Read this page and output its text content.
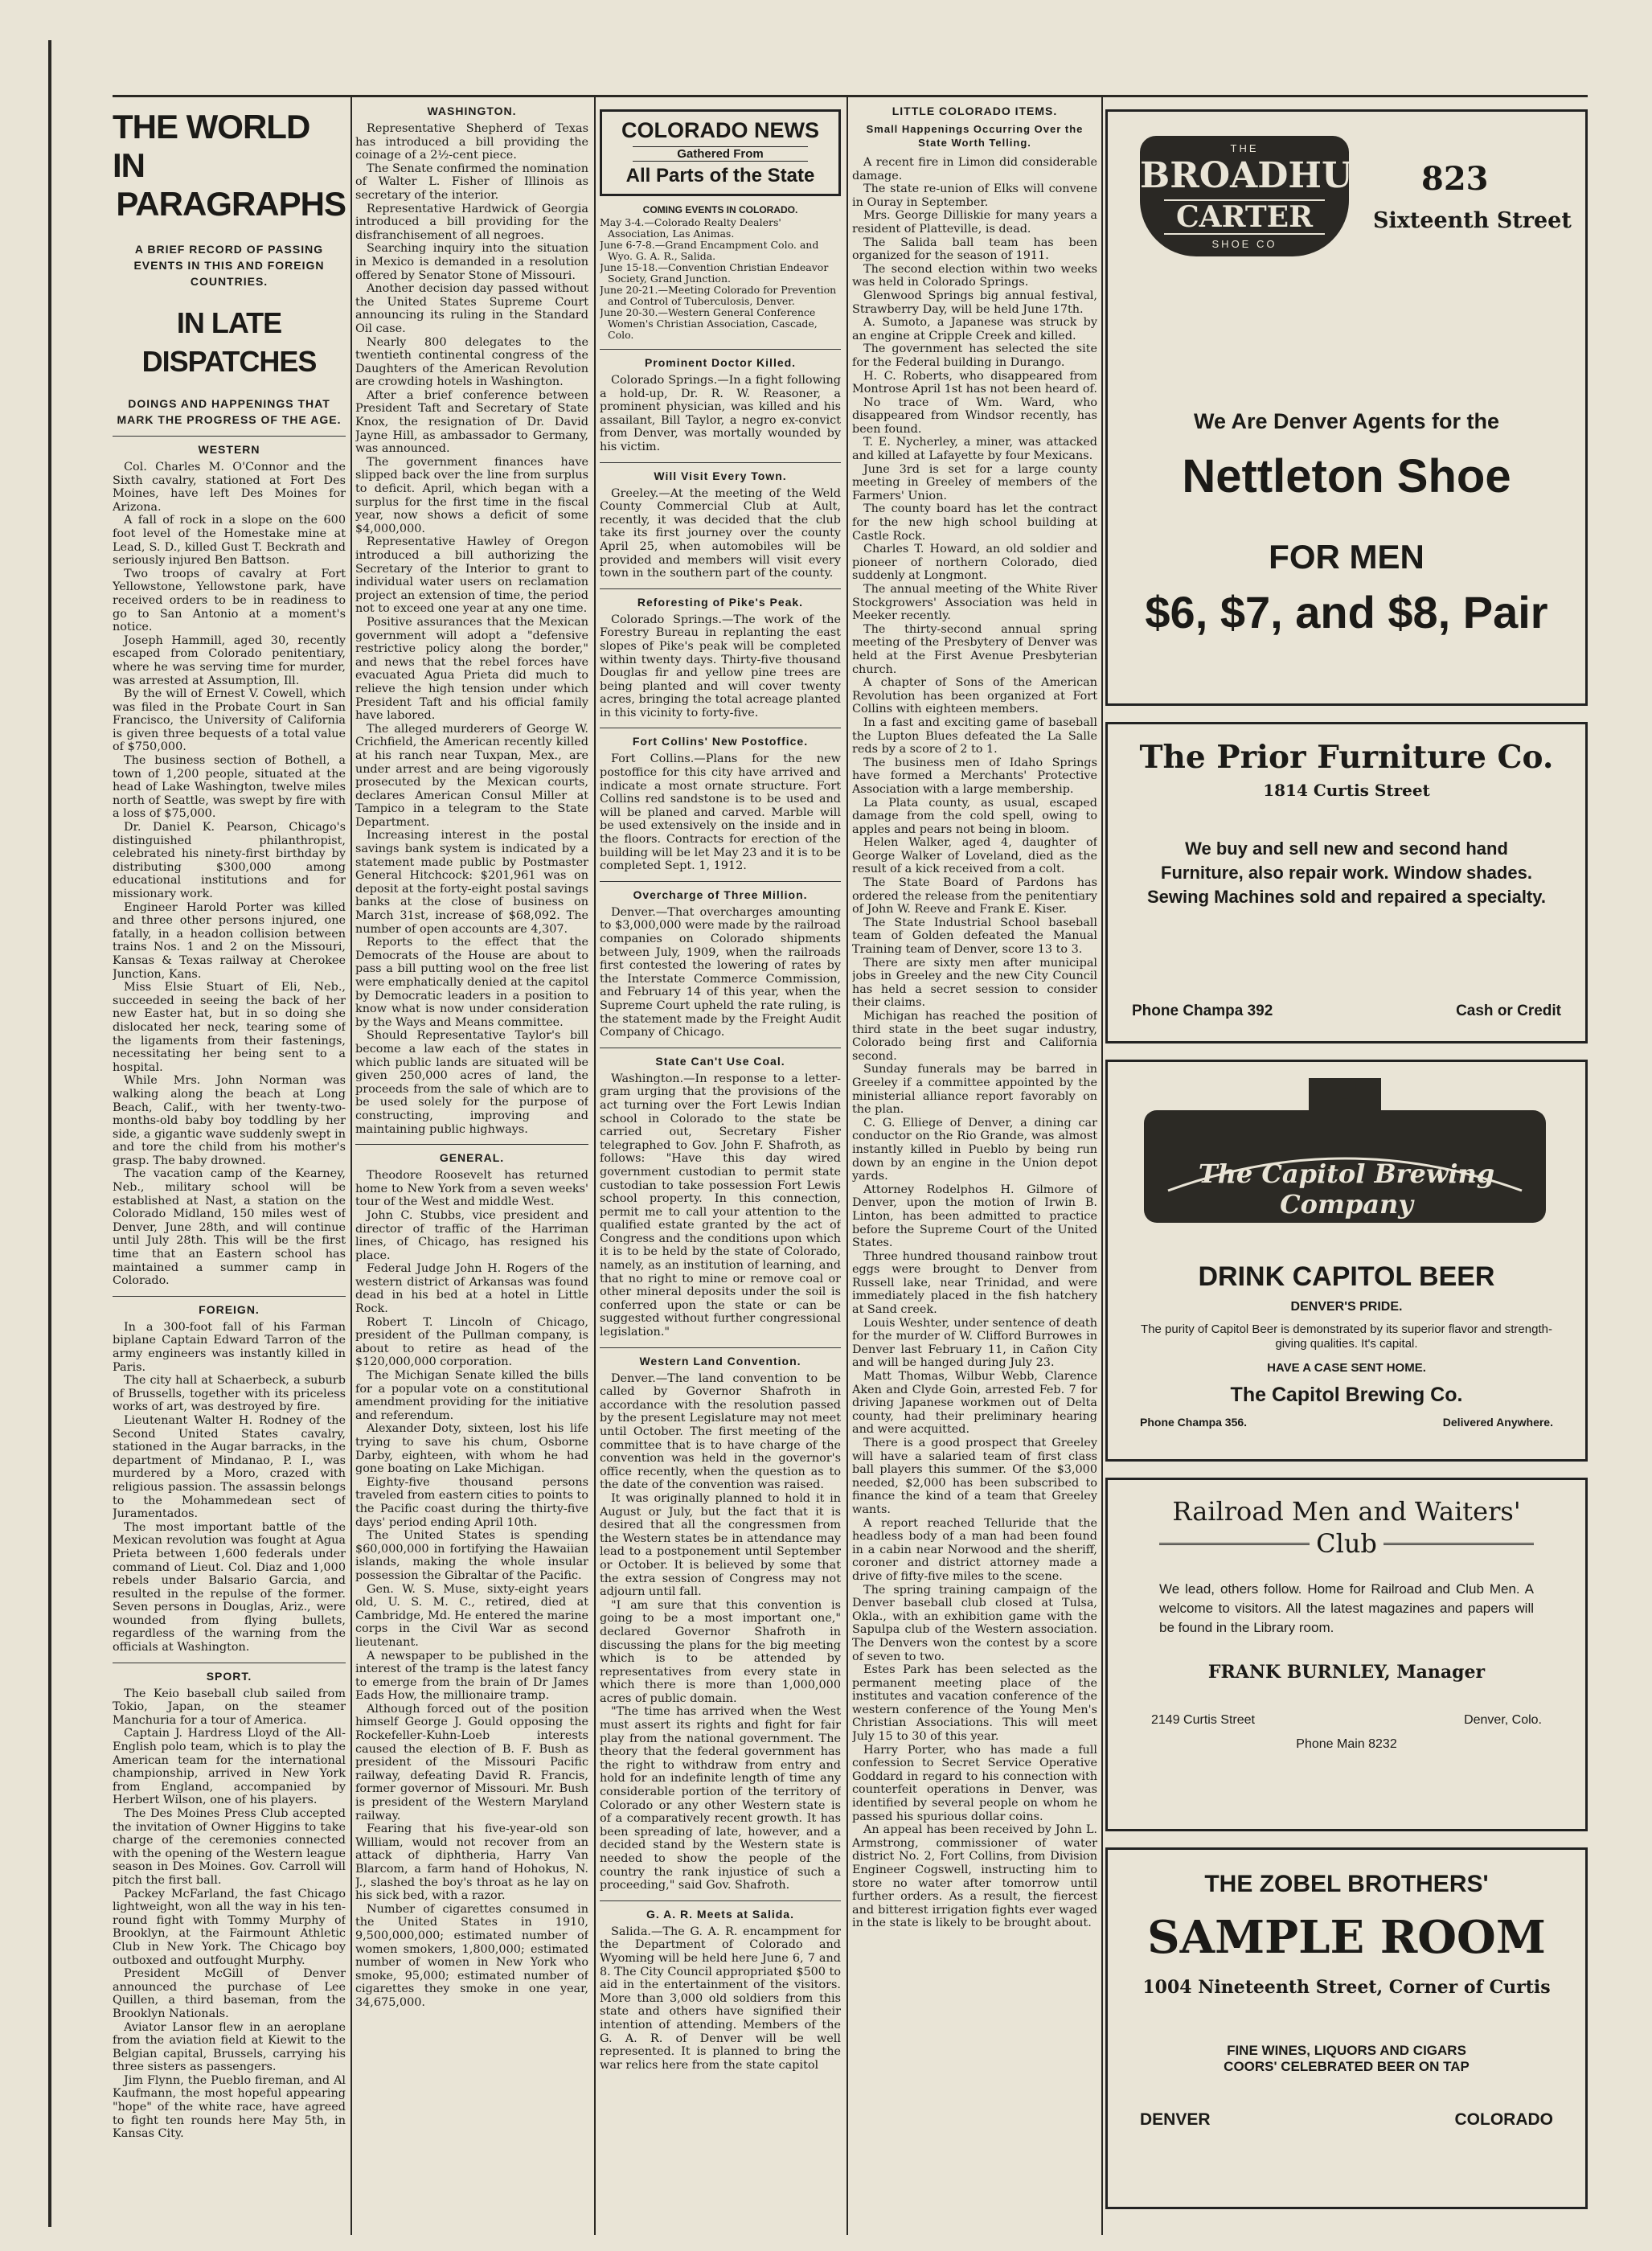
THE WORLD IN
PARAGRAPHS
A BRIEF RECORD OF PASSING EVENTS IN THIS AND FOREIGN COUNTRIES.
IN LATE DISPATCHES
DOINGS AND HAPPENINGS THAT MARK THE PROGRESS OF THE AGE.
WESTERN

Col. Charles M. O'Connor and the Sixth cavalry, stationed at Fort Des Moines, have left Des Moines for Arizona.

A fall of rock in a slope on the 600 foot level of the Homestake mine at Lead, S. D., killed Gust T. Beckrath and seriously injured Ben Battson.

Two troops of cavalry at Fort Yellowstone, Yellowstone park, have received orders to be in readiness to go to San Antonio at a moment's notice.

Joseph Hammill, aged 30, recently escaped from Colorado penitentiary, where he was serving time for murder, was arrested at Assumption, Ill.

By the will of Ernest V. Cowell, which was filed in the Probate Court in San Francisco, the University of California is given three bequests of a total value of $750,000.

The business section of Bothell, a town of 1,200 people, situated at the head of Lake Washington, twelve miles north of Seattle, was swept by fire with a loss of $75,000.

Dr. Daniel K. Pearson, Chicago's distinguished philanthropist, celebrated his ninety-first birthday by distributing $300,000 among educational institutions and for missionary work.

Engineer Harold Porter was killed and three other persons injured, one fatally, in a headon collision between trains Nos. 1 and 2 on the Missouri, Kansas & Texas railway at Cherokee Junction, Kans.

Miss Elsie Stuart of Eli, Neb., succeeded in seeing the back of her new Easter hat, but in so doing she dislocated her neck, tearing some of the ligaments from their fastenings, necessitating her being sent to a hospital.

While Mrs. John Norman was walking along the beach at Long Beach, Calif., with her twenty-two-months-old baby boy toddling by her side, a gigantic wave suddenly swept in and tore the child from his mother's grasp. The baby drowned.

The vacation camp of the Kearney, Neb., military school will be established at Nast, a station on the Colorado Midland, 150 miles west of Denver, June 28th, and will continue until July 28th. This will be the first time that an Eastern school has maintained a summer camp in Colorado.

FOREIGN.

In a 300-foot fall of his Farman biplane Captain Edward Tarron of the army engineers was instantly killed in Paris.

The city hall at Schaerbeck, a suburb of Brussells, together with its priceless works of art, was destroyed by fire.

Lieutenant Walter H. Rodney of the Second United States cavalry, stationed in the Augar barracks, in the department of Mindanao, P. I., was murdered by a Moro, crazed with religious passion. The assassin belongs to the Mohammedean sect of Juramentados.

The most important battle of the Mexican revolution was fought at Agua Prieta between 1,600 federals under command of Lieut. Col. Diaz and 1,000 rebels under Balsario Garcia, and resulted in the repulse of the former. Seven persons in Douglas, Ariz., were wounded from flying bullets, regardless of the warning from the officials at Washington.

SPORT.

The Keio baseball club sailed from Tokio, Japan, on the steamer Manchuria for a tour of America.

Captain J. Hardress Lloyd of the All-English polo team, which is to play the American team for the international championship, arrived in New York from England, accompanied by Herbert Wilson, one of his players.

The Des Moines Press Club accepted the invitation of Owner Higgins to take charge of the ceremonies connected with the opening of the Western league season in Des Moines. Gov. Carroll will pitch the first ball.

Packey McFarland, the fast Chicago lightweight, won all the way in his ten-round fight with Tommy Murphy of Brooklyn, at the Fairmount Athletic Club in New York. The Chicago boy outboxed and outfought Murphy.

President McGill of Denver announced the purchase of Lee Quillen, a third baseman, from the Brooklyn Nationals.

Aviator Lansor flew in an aeroplane from the aviation field at Kiewit to the Belgian capital, Brussels, carrying his three sisters as passengers.

Jim Flynn, the Pueblo fireman, and Al Kaufmann, the most hopeful appearing "hope" of the white race, have agreed to fight ten rounds here May 5th, in Kansas City.

WASHINGTON.

Representative Shepherd of Texas has introduced a bill providing the coinage of a 2½-cent piece.

The Senate confirmed the nomination of Walter L. Fisher of Illinois as secretary of the interior.

Representative Hardwick of Georgia introduced a bill providing for the disfranchisement of all negroes.

Searching inquiry into the situation in Mexico is demanded in a resolution offered by Senator Stone of Missouri.

Another decision day passed without the United States Supreme Court announcing its ruling in the Standard Oil case.

Nearly 800 delegates to the twentieth continental congress of the Daughters of the American Revolution are crowding hotels in Washington.

After a brief conference between President Taft and Secretary of State Knox, the resignation of Dr. David Jayne Hill, as ambassador to Germany, was announced.

The government finances have slipped back over the line from surplus to deficit. April, which began with a surplus for the first time in the fiscal year, now shows a deficit of some $4,000,000.

Representative Hawley of Oregon introduced a bill authorizing the Secretary of the Interior to grant to individual water users on reclamation project an extension of time, the period not to exceed one year at any one time.

Positive assurances that the Mexican government will adopt a "defensive restrictive policy along the border," and news that the rebel forces have evacuated Agua Prieta did much to relieve the high tension under which President Taft and his official family have labored.

The alleged murderers of George W. Crichfield, the American recently killed at his ranch near Tuxpan, Mex., are under arrest and are being vigorously prosecuted by the Mexican courts, declares American Consul Miller at Tampico in a telegram to the State Department.

Increasing interest in the postal savings bank system is indicated by a statement made public by Postmaster General Hitchcock: $201,961 was on deposit at the forty-eight postal savings banks at the close of business on March 31st, increase of $68,092. The number of open accounts are 4,307.

Reports to the effect that the Democrats of the House are about to pass a bill putting wool on the free list were emphatically denied at the capitol by Democratic leaders in a position to know what is now under consideration by the Ways and Means committee.

Should Representative Taylor's bill become a law each of the states in which public lands are situated will be given 250,000 acres of land, the proceeds from the sale of which are to be used solely for the purpose of constructing, improving and maintaining public highways.

GENERAL.

Theodore Roosevelt has returned home to New York from a seven weeks' tour of the West and middle West.

John C. Stubbs, vice president and director of traffic of the Harriman lines, of Chicago, has resigned his place.

Federal Judge John H. Rogers of the western district of Arkansas was found dead in his bed at a hotel in Little Rock.

Robert T. Lincoln of Chicago, president of the Pullman company, is about to retire as head of the $120,000,000 corporation.

The Michigan Senate killed the bills for a popular vote on a constitutional amendment providing for the initiative and referendum.

Alexander Doty, sixteen, lost his life trying to save his chum, Osborne Darby, eighteen, with whom he had gone boating on Lake Michigan.

Eighty-five thousand persons traveled from eastern cities to points to the Pacific coast during the thirty-five days' period ending April 10th.

The United States is spending $60,000,000 in fortifying the Hawaiian islands, making the whole insular possession the Gibraltar of the Pacific.

Gen. W. S. Muse, sixty-eight years old, U. S. M. C., retired, died at Cambridge, Md. He entered the marine corps in the Civil War as second lieutenant.

A newspaper to be published in the interest of the tramp is the latest fancy to emerge from the brain of Dr James Eads How, the millionaire tramp.

Although forced out of the position himself George J. Gould opposing the Rockefeller-Kuhn-Loeb interests caused the election of B. F. Bush as president of the Missouri Pacific railway, defeating David R. Francis, former governor of Missouri. Mr. Bush is president of the Western Maryland railway.

Fearing that his five-year-old son William, would not recover from an attack of diphtheria, Harry Van Blarcom, a farm hand of Hohokus, N. J., slashed the boy's throat as he lay on his sick bed, with a razor.

Number of cigarettes consumed in the United States in 1910, 9,500,000,000; estimated number of women smokers, 1,800,000; estimated number of women in New York who smoke, 95,000; estimated number of cigarettes they smoke in one year, 34,675,000.

COLORADO NEWS
Gathered From
All Parts of the State
COMING EVENTS IN COLORADO.
May 3-4.—Colorado Realty Dealers' Association, Las Animas.
June 6-7-8.—Grand Encampment Colo. and Wyo. G. A. R., Salida.
June 15-18.—Convention Christian Endeavor Society, Grand Junction.
June 20-21.—Meeting Colorado for Prevention and Control of Tuberculosis, Denver.
June 20-30.—Western General Conference Women's Christian Association, Cascade, Colo.
Prominent Doctor Killed.

Colorado Springs.—In a fight following a hold-up, Dr. R. W. Reasoner, a prominent physician, was killed and his assailant, Bill Taylor, a negro ex-convict from Denver, was mortally wounded by his victim.

Will Visit Every Town.

Greeley.—At the meeting of the Weld County Commercial Club at Ault, recently, it was decided that the club take its first journey over the county April 25, when automobiles will be provided and members will visit every town in the southern part of the county.

Reforesting of Pike's Peak.

Colorado Springs.—The work of the Forestry Bureau in replanting the east slopes of Pike's peak will be completed within twenty days. Thirty-five thousand Douglas fir and yellow pine trees are being planted and will cover twenty acres, bringing the total acreage planted in this vicinity to forty-five.

Fort Collins' New Postoffice.

Fort Collins.—Plans for the new postoffice for this city have arrived and indicate a most ornate structure. Fort Collins red sandstone is to be used and will be planed and carved. Marble will be used extensively on the inside and in the floors. Contracts for erection of the building will be let May 23 and it is to be completed Sept. 1, 1912.

Overcharge of Three Million.

Denver.—That overcharges amounting to $3,000,000 were made by the railroad companies on Colorado shipments between July, 1909, when the railroads first contested the lowering of rates by the Interstate Commerce Commission, and February 14 of this year, when the Supreme Court upheld the rate ruling, is the statement made by the Freight Audit Company of Chicago.

State Can't Use Coal.

Washington.—In response to a letter-gram urging that the provisions of the act turning over the Fort Lewis Indian school in Colorado to the state be carried out, Secretary Fisher telegraphed to Gov. John F. Shafroth, as follows: "Have this day wired government custodian to permit state custodian to take possession Fort Lewis school property. In this connection, permit me to call your attention to the qualified estate granted by the act of Congress and the conditions upon which it is to be held by the state of Colorado, namely, as an institution of learning, and that no right to mine or remove coal or other mineral deposits under the soil is conferred upon the state or can be suggested without further congressional legislation."

Western Land Convention.

Denver.—The land convention to be called by Governor Shafroth in accordance with the resolution passed by the present Legislature may not meet until October. The first meeting of the committee that is to have charge of the convention was held in the governor's office recently, when the question as to the date of the convention was raised.

It was originally planned to hold it in August or July, but the fact that it is desired that all the congressmen from the Western states be in attendance may lead to a postponement until September or October. It is believed by some that the extra session of Congress may not adjourn until fall.

"I am sure that this convention is going to be a most important one," declared Governor Shafroth in discussing the plans for the big meeting which is to be attended by representatives from every state in which there is more than 1,000,000 acres of public domain.

"The time has arrived when the West must assert its rights and fight for fair play from the national government. The theory that the federal government has the right to withdraw from entry and hold for an indefinite length of time any considerable portion of the territory of Colorado or any other Western state is of a comparatively recent growth. It has been spreading of late, however, and a decided stand by the Western state is needed to show the people of the country the rank injustice of such a proceeding," said Gov. Shafroth.

G. A. R. Meets at Salida.

Salida.—The G. A. R. encampment for the Department of Colorado and Wyoming will be held here June 6, 7 and 8. The City Council appropriated $500 to aid in the entertainment of the visitors. More than 3,000 old soldiers from this state and others have signified their intention of attending. Members of the G. A. R. of Denver will be well represented. It is planned to bring the war relics here from the state capitol

LITTLE COLORADO ITEMS.
Small Happenings Occurring Over the State Worth Telling.

A recent fire in Limon did considerable damage.

The state re-union of Elks will convene in Ouray in September.

Mrs. George Dilliskie for many years a resident of Platteville, is dead.

The Salida ball team has been organized for the season of 1911.

The second election within two weeks was held in Colorado Springs.

Glenwood Springs big annual festival, Strawberry Day, will be held June 17th.

A. Sumoto, a Japanese was struck by an engine at Cripple Creek and killed.

The government has selected the site for the Federal building in Durango.

H. C. Roberts, who disappeared from Montrose April 1st has not been heard of.

No trace of Wm. Ward, who disappeared from Windsor recently, has been found.

T. E. Nycherley, a miner, was attacked and killed at Lafayette by four Mexicans.

June 3rd is set for a large county meeting in Greeley of members of the Farmers' Union.

The county board has let the contract for the new high school building at Castle Rock.

Charles T. Howard, an old soldier and pioneer of northern Colorado, died suddenly at Longmont.

The annual meeting of the White River Stockgrowers' Association was held in Meeker recently.

The thirty-second annual spring meeting of the Presbytery of Denver was held at the First Avenue Presbyterian church.

A chapter of Sons of the American Revolution has been organized at Fort Collins with eighteen members.

In a fast and exciting game of baseball the Lupton Blues defeated the La Salle reds by a score of 2 to 1.

The business men of Idaho Springs have formed a Merchants' Protective Association with a large membership.

La Plata county, as usual, escaped damage from the cold spell, owing to apples and pears not being in bloom.

Helen Walker, aged 4, daughter of George Walker of Loveland, died as the result of a kick received from a colt.

The State Board of Pardons has ordered the release from the penitentiary of John W. Reeve and Frank E. Kiser.

The State Industrial School baseball team of Golden defeated the Manual Training team of Denver, score 13 to 3.

There are sixty men after municipal jobs in Greeley and the new City Council has held a secret session to consider their claims.

Michigan has reached the position of third state in the beet sugar industry, Colorado being first and California second.

Sunday funerals may be barred in Greeley if a committee appointed by the ministerial alliance report favorably on the plan.

C. G. Elliege of Denver, a dining car conductor on the Rio Grande, was almost instantly killed in Pueblo by being run down by an engine in the Union depot yards.

Attorney Rodelphos H. Gilmore of Denver, upon the motion of Irwin B. Linton, has been admitted to practice before the Supreme Court of the United States.

Three hundred thousand rainbow trout eggs were brought to Denver from Russell lake, near Trinidad, and were immediately placed in the fish hatchery at Sand creek.

Louis Weshter, under sentence of death for the murder of W. Clifford Burrowes in Denver last February 11, in Cañon City and will be hanged during July 23.

Matt Thomas, Wilbur Webb, Clarence Aken and Clyde Goin, arrested Feb. 7 for driving Japanese workmen out of Delta county, had their preliminary hearing and were acquitted.

There is a good prospect that Greeley will have a salaried team of first class ball players this summer. Of the $3,000 needed, $2,000 has been subscribed to finance the kind of a team that Greeley wants.

A report reached Telluride that the headless body of a man had been found in a cabin near Norwood and the sheriff, coroner and district attorney made a drive of fifty-five miles to the scene.

The spring training campaign of the Denver baseball club closed at Tulsa, Okla., with an exhibition game with the Sapulpa club of the Western association. The Denvers won the contest by a score of seven to two.

Estes Park has been selected as the permanent meeting place of the institutes and vacation conference of the western conference of the Young Men's Christian Associations. This will meet July 15 to 30 of this year.

Harry Porter, who has made a full confession to Secret Service Operative Goddard in regard to his connection with counterfeit operations in Denver, was identified by several people on whom he passed his spurious dollar coins.

An appeal has been received by John L. Armstrong, commissioner of water district No. 2, Fort Collins, from Division Engineer Cogswell, instructing him to store no water after tomorrow until further orders. As a result, the fiercest and bitterest irrigation fights ever waged in the state is likely to be brought about.

THE
BROADHURST
CARTER
SHOE CO
823
Sixteenth Street
We Are Denver Agents for the
Nettleton Shoe
FOR MEN
$6, $7, and $8, Pair
The Prior Furniture Co.
1814 Curtis Street
We buy and sell new and second hand Furniture, also repair work. Window shades. Sewing Machines sold and repaired a specialty.
Phone Champa 392	Cash or Credit
The Capitol Brewing Company
DRINK CAPITOL BEER
DENVER'S PRIDE.
The purity of Capitol Beer is demonstrated by its superior flavor and strength-giving qualities. It's capital.
HAVE A CASE SENT HOME.
The Capitol Brewing Co.
Phone Champa 356.	Delivered Anywhere.
Railroad Men and Waiters'
Club
We lead, others follow. Home for Railroad and Club Men. A welcome to visitors. All the latest magazines and papers will be found in the Library room.
FRANK BURNLEY, Manager
2149 Curtis Street	Denver, Colo.
Phone Main 8232
THE ZOBEL BROTHERS'
SAMPLE ROOM
1004 Nineteenth Street, Corner of Curtis
FINE WINES, LIQUORS AND CIGARS
COORS' CELEBRATED BEER ON TAP
DENVER	COLORADO
